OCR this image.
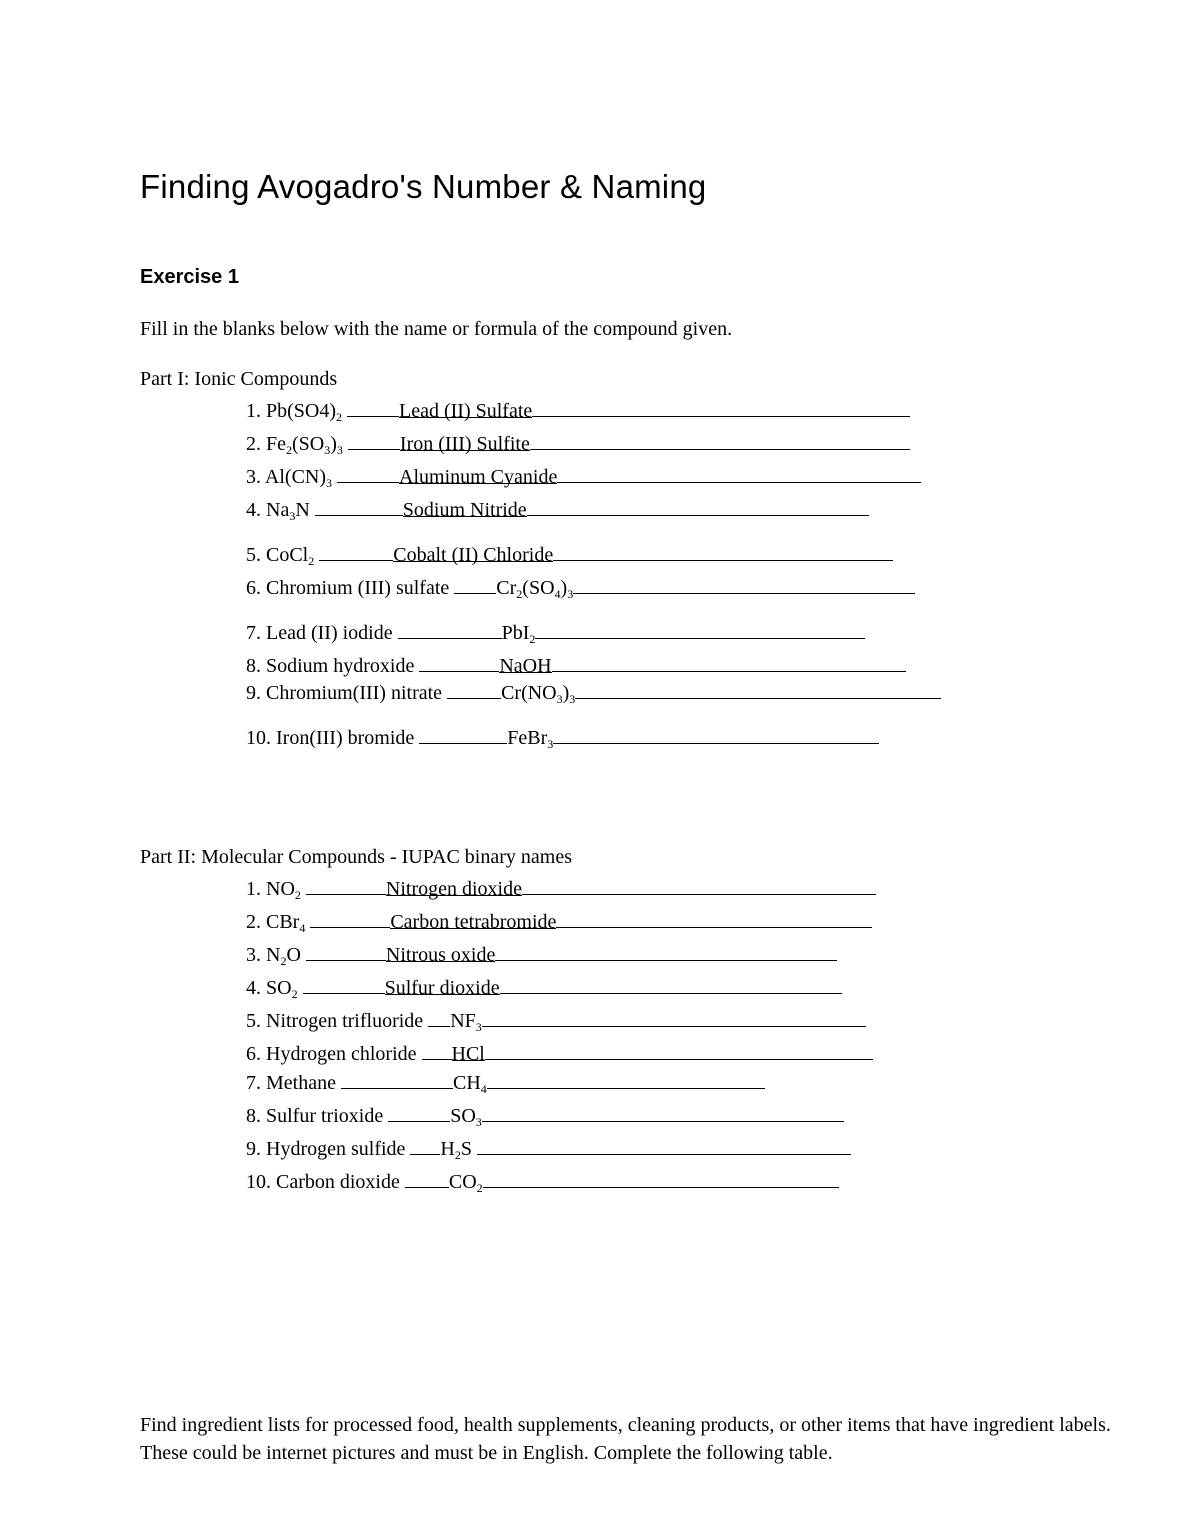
Finding Avogadro's Number & Naming
Exercise 1
Fill in the blanks below with the name or formula of the compound given.
Part I: Ionic Compounds
1. $Pb(SO4)_2$	Lead (II) Sulfate
2. $Fe_2(SO_3)_3$	Iron (III) Sulfite
3. $Al(CN)_3$	Aluminum Cyanide
4. $Na_3N$	Sodium Nitride
5. CoCl$_2$	Cobalt (II) Chloride
6. Chromium (III) sulfate $Cr_2(SO_4)_3$
7. Lead (II) iodide	PbI$_2$
8. Sodium hydroxide	NaOH
9. Chromium(III) nitrate	$Cr(NO_3)_3$
10. Iron(III) bromide	FeBr$_3$
Part II: Molecular Compounds - IUPAC binary names
1. $NO_2$	Nitrogen dioxide
2. CBr$_4$	Carbon tetrabromide
3. $N_2O$	Nitrous oxide
4. $SO_2$	Sulfur dioxide
5. Nitrogen trifluoride $NF_3$
6. Hydrogen chloride HCl
7. Methane	$CH_4$
8. Sulfur trioxide	$SO_3$
9. Hydrogen sulfide $H_2S$
10. Carbon dioxide $CO_2$
Find ingredient lists for processed food, health supplements, cleaning products, or other items that have ingredient labels. These could be internet pictures and must be in English. Complete the following table.
